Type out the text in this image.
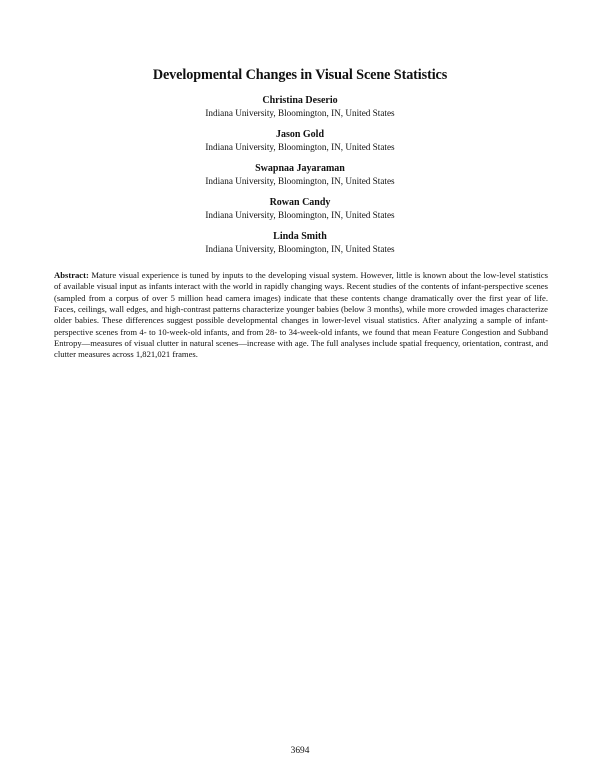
Developmental Changes in Visual Scene Statistics
Christina Deserio
Indiana University, Bloomington, IN, United States
Jason Gold
Indiana University, Bloomington, IN, United States
Swapnaa Jayaraman
Indiana University, Bloomington, IN, United States
Rowan Candy
Indiana University, Bloomington, IN, United States
Linda Smith
Indiana University, Bloomington, IN, United States
Abstract: Mature visual experience is tuned by inputs to the developing visual system. However, little is known about the low-level statistics of available visual input as infants interact with the world in rapidly changing ways. Recent studies of the contents of infant-perspective scenes (sampled from a corpus of over 5 million head camera images) indicate that these contents change dramatically over the first year of life. Faces, ceilings, wall edges, and high-contrast patterns characterize younger babies (below 3 months), while more crowded images characterize older babies. These differences suggest possible developmental changes in lower-level visual statistics. After analyzing a sample of infant-perspective scenes from 4- to 10-week-old infants, and from 28- to 34-week-old infants, we found that mean Feature Congestion and Subband Entropy—measures of visual clutter in natural scenes—increase with age. The full analyses include spatial frequency, orientation, contrast, and clutter measures across 1,821,021 frames.
3694
